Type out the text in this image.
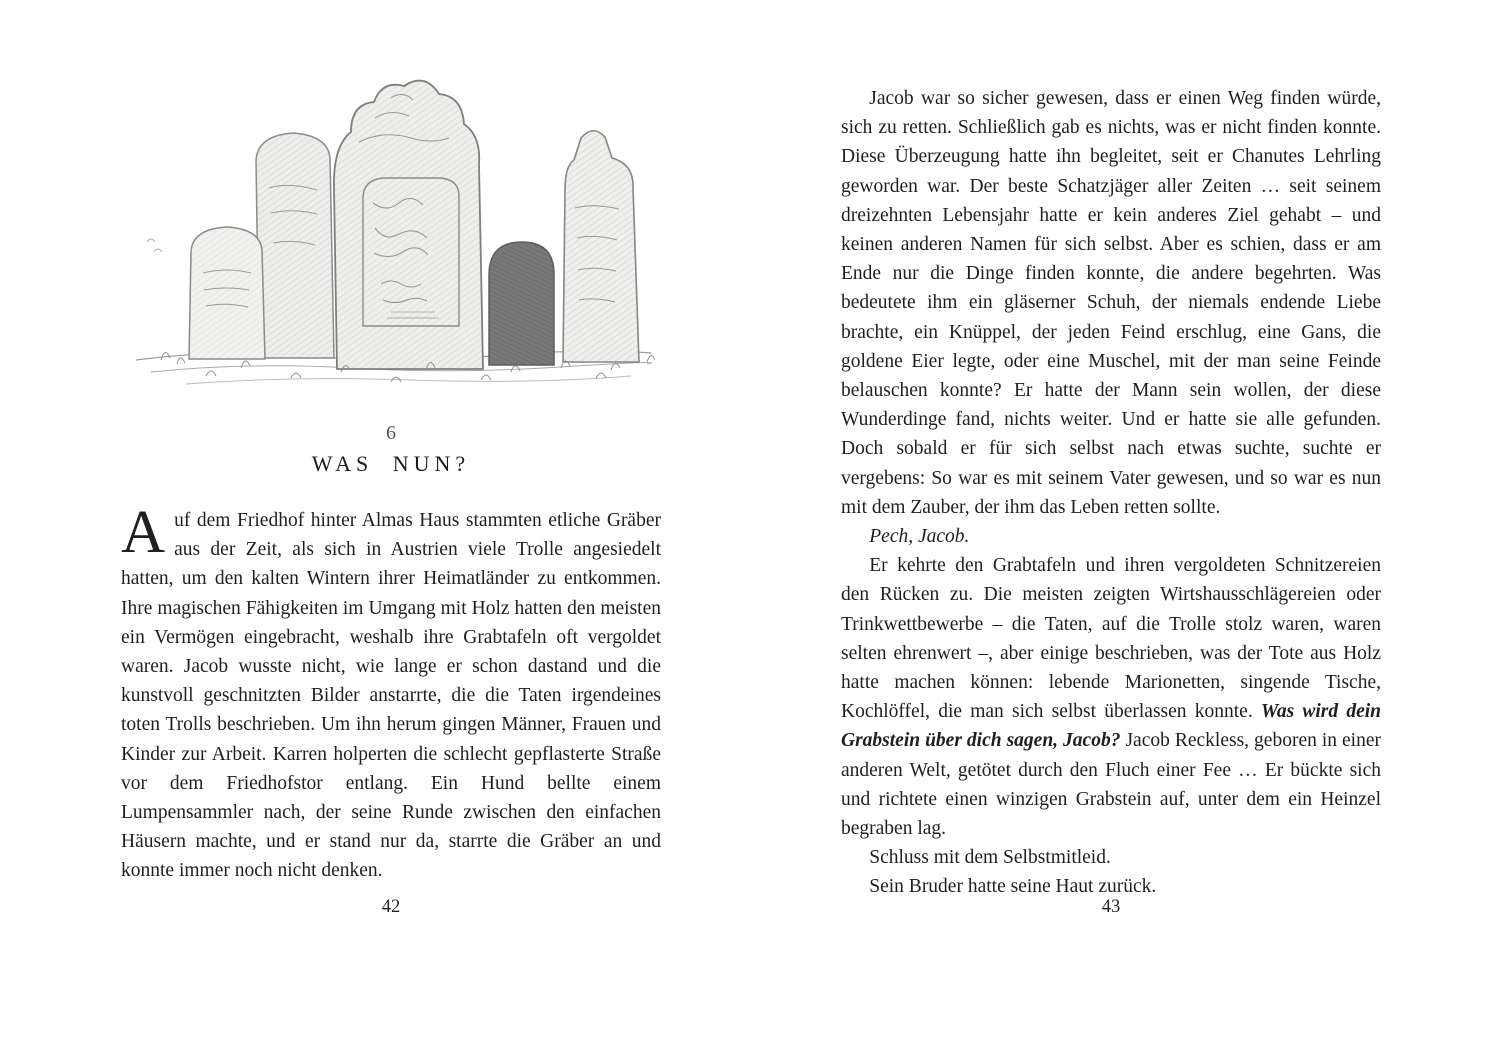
6
WAS NUN?

Auf dem Friedhof hinter Almas Haus stammten etliche Gräber aus der Zeit, als sich in Austrien viele Trolle angesiedelt hatten, um den kalten Wintern ihrer Heimatländer zu entkommen. Ihre magischen Fähigkeiten im Umgang mit Holz hatten den meisten ein Vermögen eingebracht, weshalb ihre Grabtafeln oft vergoldet waren. Jacob wusste nicht, wie lange er schon dastand und die kunstvoll geschnitzten Bilder anstarrte, die die Taten irgendeines toten Trolls beschrieben. Um ihn herum gingen Männer, Frauen und Kinder zur Arbeit. Karren holperten die schlecht gepflasterte Straße vor dem Friedhofstor entlang. Ein Hund bellte einem Lumpensammler nach, der seine Runde zwischen den einfachen Häusern machte, und er stand nur da, starrte die Gräber an und konnte immer noch nicht denken.

42

Jacob war so sicher gewesen, dass er einen Weg finden würde, sich zu retten. Schließlich gab es nichts, was er nicht finden konnte. Diese Überzeugung hatte ihn begleitet, seit er Chanutes Lehrling geworden war. Der beste Schatzjäger aller Zeiten … seit seinem dreizehnten Lebensjahr hatte er kein anderes Ziel gehabt – und keinen anderen Namen für sich selbst. Aber es schien, dass er am Ende nur die Dinge finden konnte, die andere begehrten. Was bedeutete ihm ein gläserner Schuh, der niemals endende Liebe brachte, ein Knüppel, der jeden Feind erschlug, eine Gans, die goldene Eier legte, oder eine Muschel, mit der man seine Feinde belauschen konnte? Er hatte der Mann sein wollen, der diese Wunderdinge fand, nichts weiter. Und er hatte sie alle gefunden. Doch sobald er für sich selbst nach etwas suchte, suchte er vergebens: So war es mit seinem Vater gewesen, und so war es nun mit dem Zauber, der ihm das Leben retten sollte.

Pech, Jacob.

Er kehrte den Grabtafeln und ihren vergoldeten Schnitzereien den Rücken zu. Die meisten zeigten Wirtshausschlägereien oder Trinkwettbewerbe – die Taten, auf die Trolle stolz waren, waren selten ehrenwert –, aber einige beschrieben, was der Tote aus Holz hatte machen können: lebende Marionetten, singende Tische, Kochlöffel, die man sich selbst überlassen konnte. Was wird dein Grabstein über dich sagen, Jacob? Jacob Reckless, geboren in einer anderen Welt, getötet durch den Fluch einer Fee … Er bückte sich und richtete einen winzigen Grabstein auf, unter dem ein Heinzel begraben lag.

Schluss mit dem Selbstmitleid.

Sein Bruder hatte seine Haut zurück.

43
